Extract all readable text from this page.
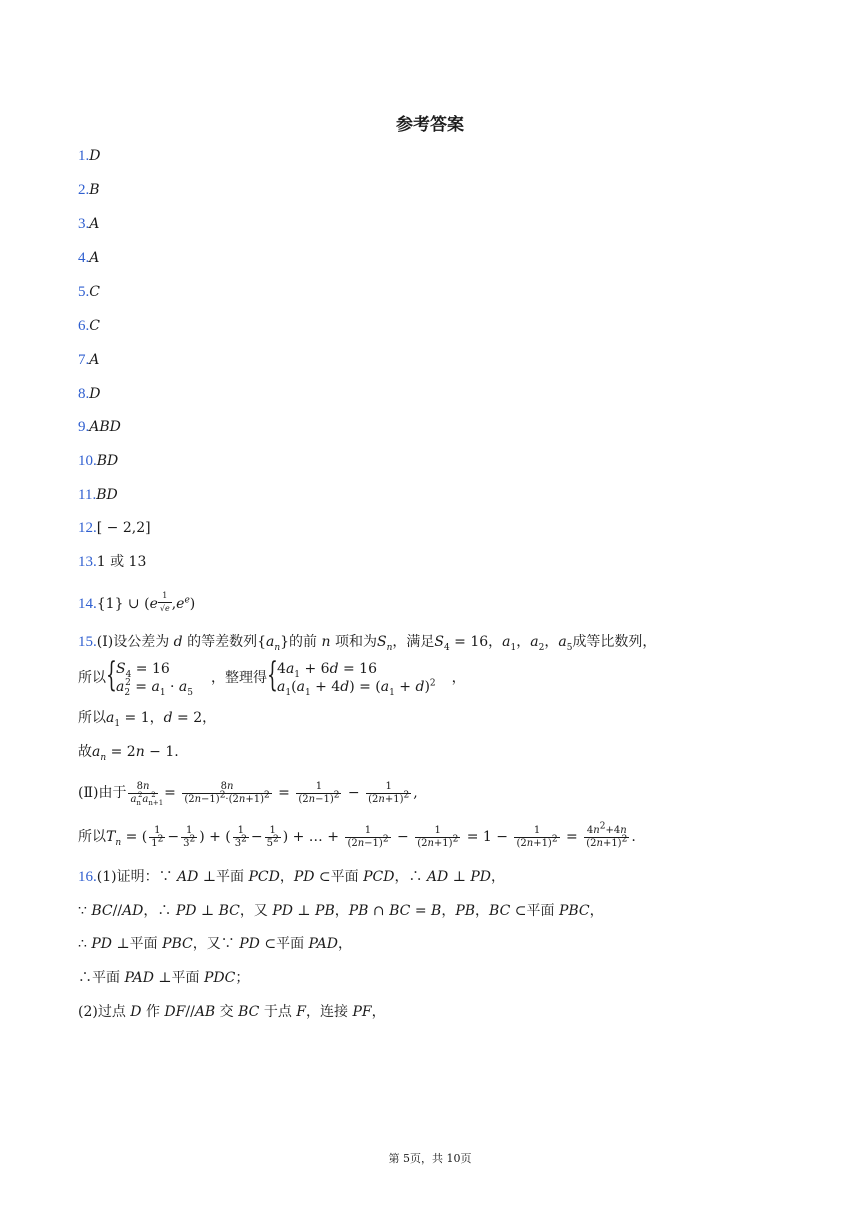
参考答案
1.D
2.B
3.A
4.A
5.C
6.C
7.A
8.D
9.ABD
10.BD
11.BD
12.[ − 2,2]
13.1 或 13
14.{1} ∪ (e $^{\frac{1}{√e}}$ $,e^e$)
15.(Ⅰ)设公差为 d 的等差数列$\{a_n\}$的前 n 项和为$S_n$，满足$S_4 = 16$，$a_1$，$a_2$，$a_5$成等比数列，
所以 { $S_4 = 16$
$a_2^2 = a_1 \cdot a_5$
，整理得 { $4a_1 + 6d = 16$
$a_1(a_1 + 4d) = (a_1 + d)^2$ ，
所以$a_1 = 1$，d = 2，
故$a_n = 2n - 1$.
(Ⅱ)由于 $\frac{8n}{a_n^2a_{n+1}^2} = \frac{8n}{(2n-1)^2\cdot(2n+1)^2} = \frac{1}{(2n-1)^2} - \frac{1}{(2n+1)^2}$ ,
所以$T_n$ = ( $\frac{1}{1^2} - \frac{1}{3^2}$ ) + ( $\frac{1}{3^2} - \frac{1}{5^2}$ ) + … + $\frac{1}{(2n-1)^2} - \frac{1}{(2n+1)^2} = 1 - \frac{1}{(2n+1)^2} = \frac{4n^2+4n}{(2n+1)^2}$ .
16.(1)证明：∵ AD ⊥平面 PCD，PD ⊂平面 PCD，∴ AD ⊥ PD，
∵ BC//AD，∴ PD ⊥ BC，又 PD ⊥ PB，PB ∩ BC = B，PB，BC ⊂平面 PBC，
∴ PD ⊥平面 PBC，又∵ PD ⊂平面 PAD，
∴平面 PAD ⊥平面 PDC；
(2)过点 D 作 DF//AB 交 BC 于点 F，连接 PF，
第 5页，共 10页
